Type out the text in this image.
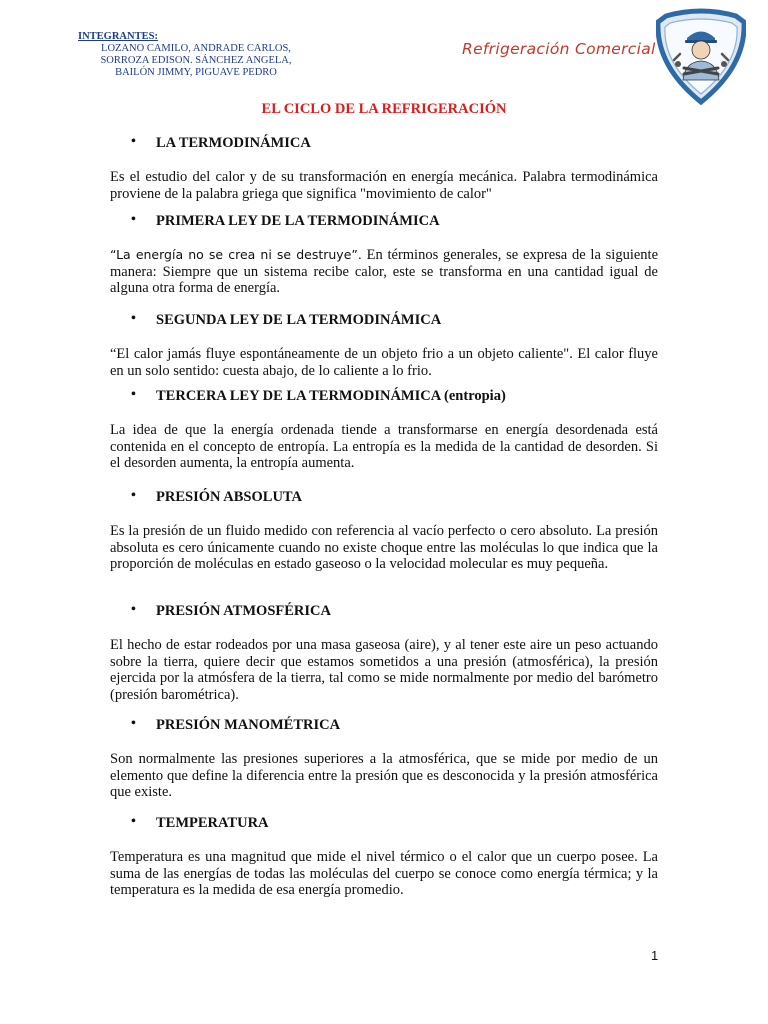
INTEGRANTES:
LOZANO CAMILO, ANDRADE CARLOS,
SORROZA EDISON. SÁNCHEZ ANGELA,
BAILÓN JIMMY, PIGUAVE PEDRO
Refrigeración Comercial
EL CICLO DE LA REFRIGERACIÓN
• LA TERMODINÁMICA

Es el estudio del calor y de su transformación en energía mecánica. Palabra termodinámica proviene de la palabra griega que significa "movimiento de calor"

• PRIMERA LEY DE LA TERMODINÁMICA

“La energía no se crea ni se destruye”. En términos generales, se expresa de la siguiente manera: Siempre que un sistema recibe calor, este se transforma en una cantidad igual de alguna otra forma de energía.

• SEGUNDA LEY DE LA TERMODINÁMICA

“El calor jamás fluye espontáneamente de un objeto frio a un objeto caliente". El calor fluye en un solo sentido: cuesta abajo, de lo caliente a lo frio.

• TERCERA LEY DE LA TERMODINÁMICA (entropia)

La idea de que la energía ordenada tiende a transformarse en energía desordenada está contenida en el concepto de entropía. La entropía es la medida de la cantidad de desorden. Si el desorden aumenta, la entropía aumenta.

• PRESIÓN ABSOLUTA

Es la presión de un fluido medido con referencia al vacío perfecto o cero absoluto. La presión absoluta es cero únicamente cuando no existe choque entre las moléculas lo que indica que la proporción de moléculas en estado gaseoso o la velocidad molecular es muy pequeña.

• PRESIÓN ATMOSFÉRICA

El hecho de estar rodeados por una masa gaseosa (aire), y al tener este aire un peso actuando sobre la tierra, quiere decir que estamos sometidos a una presión (atmosférica), la presión ejercida por la atmósfera de la tierra, tal como se mide normalmente por medio del barómetro (presión barométrica).

• PRESIÓN MANOMÉTRICA

Son normalmente las presiones superiores a la atmosférica, que se mide por medio de un elemento que define la diferencia entre la presión que es desconocida y la presión atmosférica que existe.

• TEMPERATURA

Temperatura es una magnitud que mide el nivel térmico o el calor que un cuerpo posee. La suma de las energías de todas las moléculas del cuerpo se conoce como energía térmica; y la temperatura es la medida de esa energía promedio.

1
